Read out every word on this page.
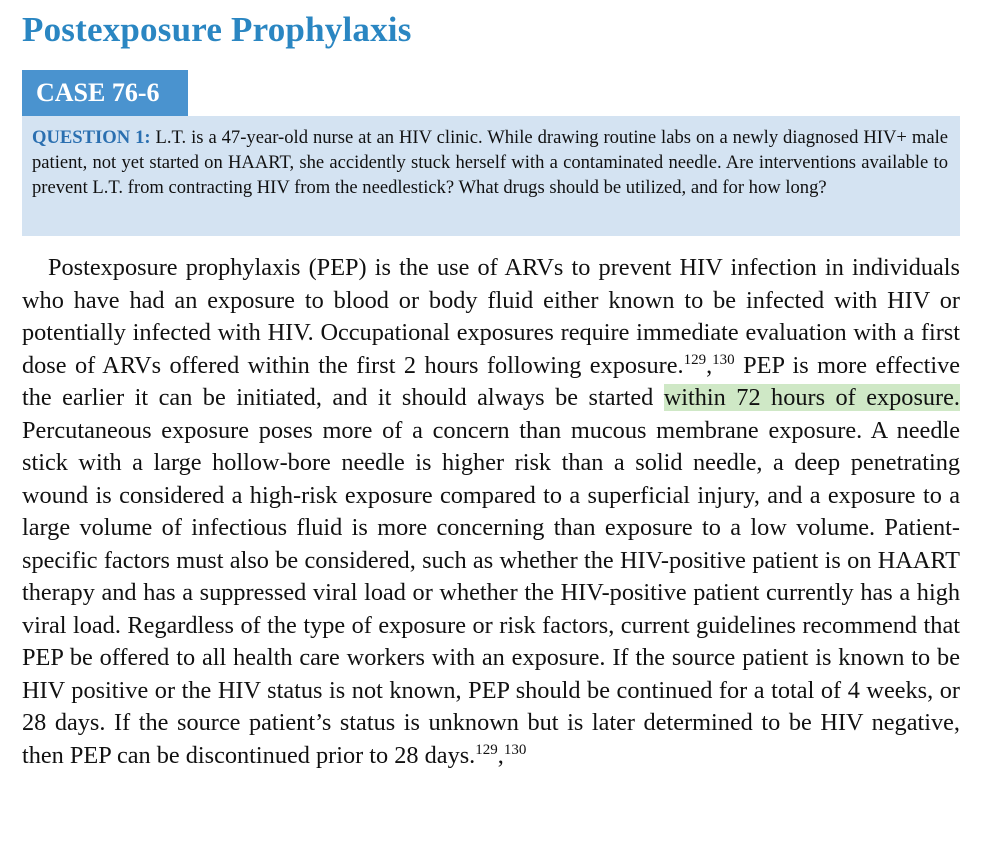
Postexposure Prophylaxis
CASE 76-6
QUESTION 1: L.T. is a 47-year-old nurse at an HIV clinic. While drawing routine labs on a newly diagnosed HIV+ male patient, not yet started on HAART, she accidently stuck herself with a contaminated needle. Are interventions available to prevent L.T. from contracting HIV from the needlestick? What drugs should be utilized, and for how long?

Postexposure prophylaxis (PEP) is the use of ARVs to prevent HIV infection in individuals who have had an exposure to blood or body fluid either known to be infected with HIV or potentially infected with HIV. Occupational exposures require immediate evaluation with a first dose of ARVs offered within the first 2 hours following exposure.$^{129}$,$^{130}$ PEP is more effective the earlier it can be initiated, and it should always be started within 72 hours of exposure. Percutaneous exposure poses more of a concern than mucous membrane exposure. A needle stick with a large hollow-bore needle is higher risk than a solid needle, a deep penetrating wound is considered a high-risk exposure compared to a superficial injury, and a exposure to a large volume of infectious fluid is more concerning than exposure to a low volume. Patient-specific factors must also be considered, such as whether the HIV-positive patient is on HAART therapy and has a suppressed viral load or whether the HIV-positive patient currently has a high viral load. Regardless of the type of exposure or risk factors, current guidelines recommend that PEP be offered to all health care workers with an exposure. If the source patient is known to be HIV positive or the HIV status is not known, PEP should be continued for a total of 4 weeks, or 28 days. If the source patient’s status is unknown but is later determined to be HIV negative, then PEP can be discontinued prior to 28 days.$^{129}$,$^{130}$
